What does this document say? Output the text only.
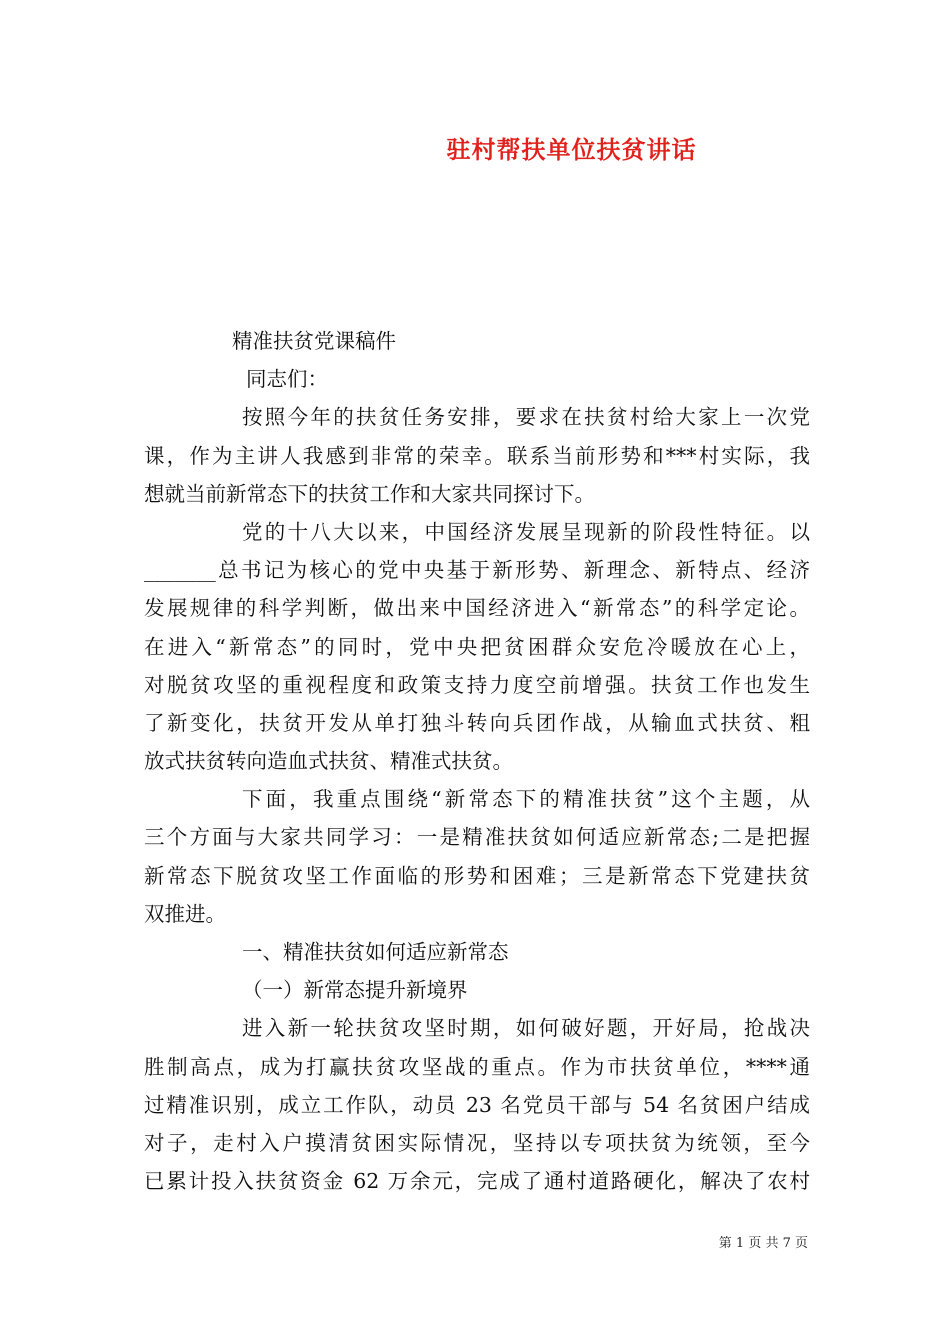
驻村帮扶单位扶贫讲话
精准扶贫党课稿件
同志们：
按照今年的扶贫任务安排，要求在扶贫村给大家上一次党
课，作为主讲人我感到非常的荣幸。联系当前形势和***村实际，我
想就当前新常态下的扶贫工作和大家共同探讨下。
党的十八大以来，中国经济发展呈现新的阶段性特征。以
_______总书记为核心的党中央基于新形势、新理念、新特点、经济
发展规律的科学判断，做出来中国经济进入“新常态”的科学定论。
在进入“新常态”的同时，党中央把贫困群众安危冷暖放在心上，
对脱贫攻坚的重视程度和政策支持力度空前增强。扶贫工作也发生
了新变化，扶贫开发从单打独斗转向兵团作战，从输血式扶贫、粗
放式扶贫转向造血式扶贫、精准式扶贫。
下面，我重点围绕“新常态下的精准扶贫”这个主题，从
三个方面与大家共同学习：一是精准扶贫如何适应新常态;二是把握
新常态下脱贫攻坚工作面临的形势和困难；三是新常态下党建扶贫
双推进。
一、精准扶贫如何适应新常态
（一）新常态提升新境界
进入新一轮扶贫攻坚时期，如何破好题，开好局，抢战决
胜制高点，成为打赢扶贫攻坚战的重点。作为市扶贫单位，****通
过精准识别，成立工作队，动员 23 名党员干部与 54 名贫困户结成
对子，走村入户摸清贫困实际情况，坚持以专项扶贫为统领，至今
已累计投入扶贫资金 62 万余元，完成了通村道路硬化，解决了农村
第 1 页 共 7 页
